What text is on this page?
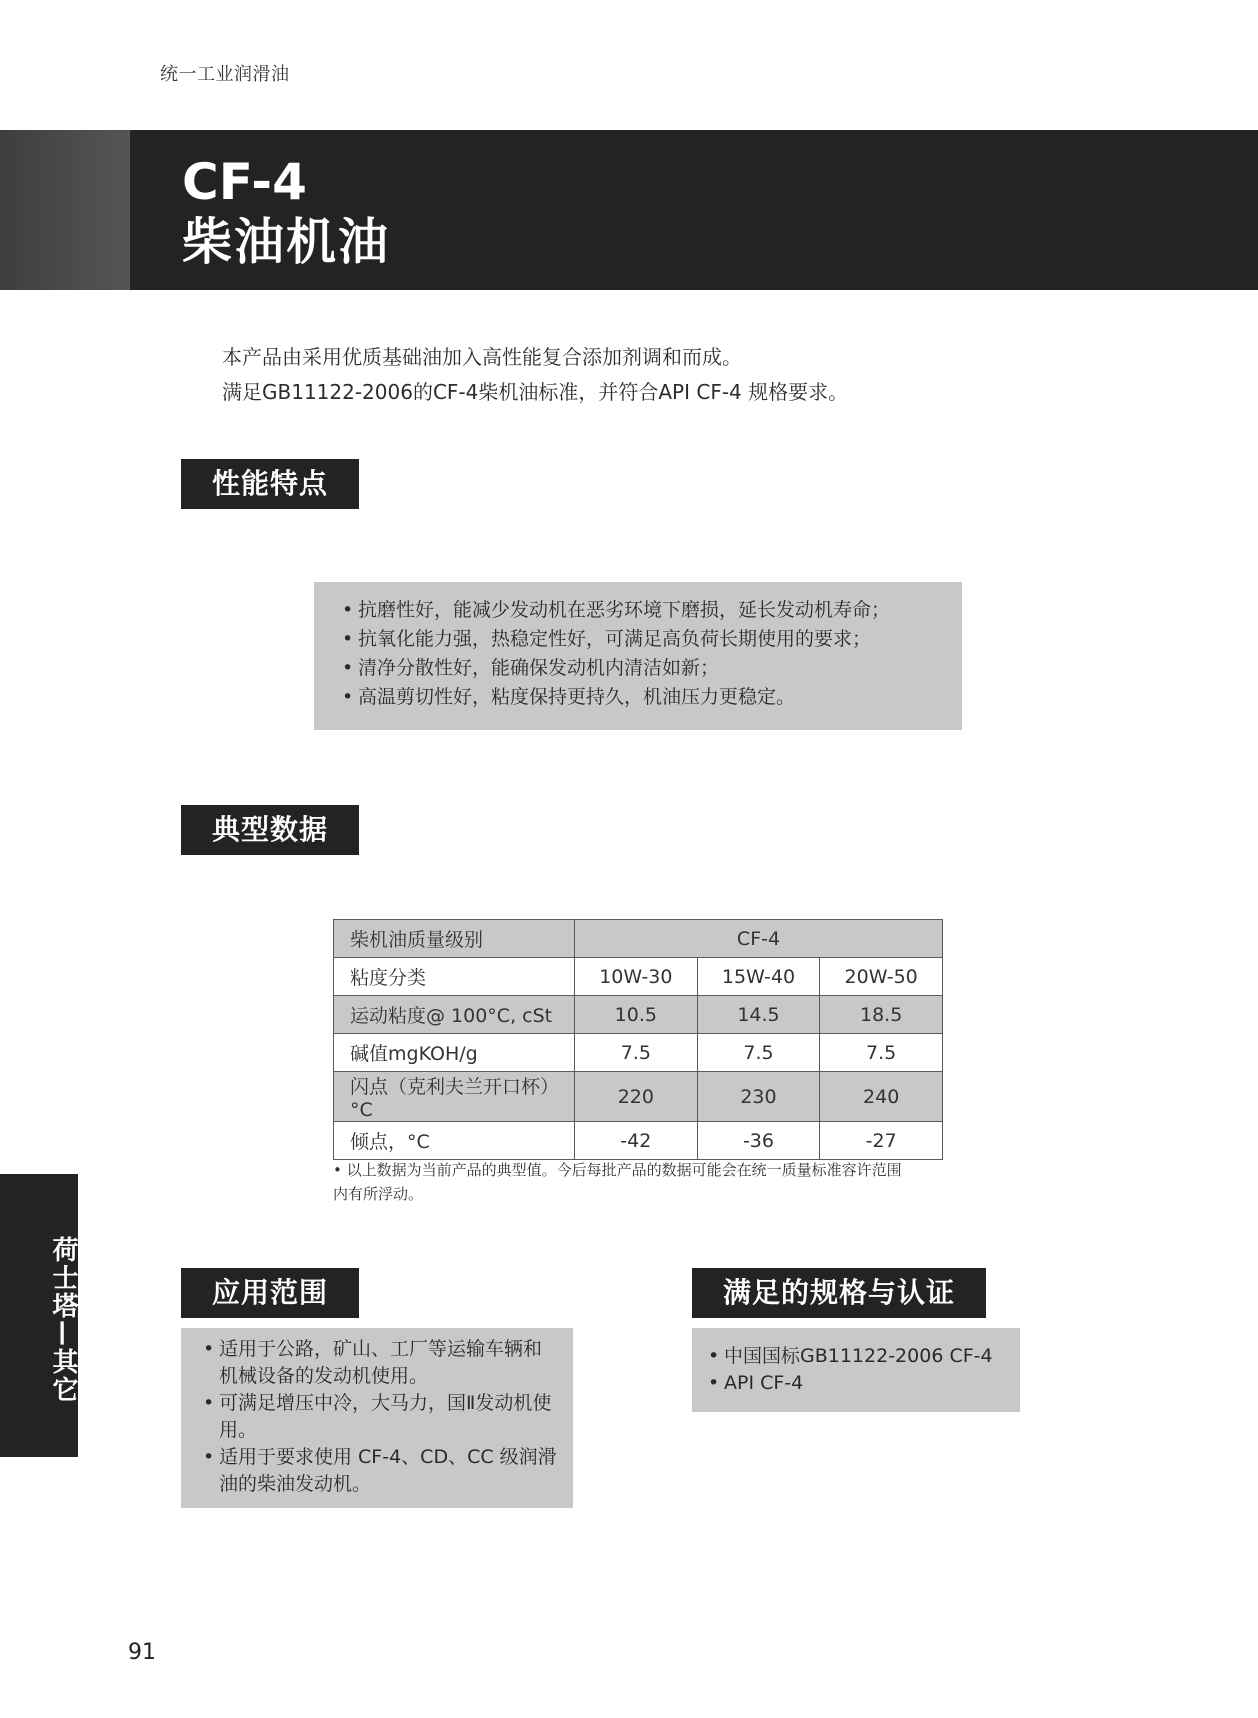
统一工业润滑油
CF-4
柴油机油
本产品由采用优质基础油加入高性能复合添加剂调和而成。
满足GB11122-2006的CF-4柴机油标准，并符合API CF-4 规格要求。
性能特点
• 抗磨性好，能减少发动机在恶劣环境下磨损，延长发动机寿命；
• 抗氧化能力强，热稳定性好，可满足高负荷长期使用的要求；
• 清净分散性好，能确保发动机内清洁如新；
• 高温剪切性好，粘度保持更持久，机油压力更稳定。
典型数据
柴机油质量级别	CF-4		
粘度分类	10W-30	15W-40	20W-50
运动粘度@ 100°C, cSt	10.5	14.5	18.5
碱值mgKOH/g	7.5	7.5	7.5
闪点（克利夫兰开口杯）°C	220	230	240
倾点，°C	-42	-36	-27
• 以上数据为当前产品的典型值。今后每批产品的数据可能会在统一质量标准容许范围
内有所浮动。
应用范围
• 适用于公路，矿山、工厂等运输车辆和机械设备的发动机使用。
• 可满足增压中冷，大马力，国Ⅱ发动机使用。
• 适用于要求使用 CF-4、CD、CC 级润滑油的柴油发动机。
满足的规格与认证
• 中国国标GB11122-2006 CF-4
• API CF-4
荷士塔—其它
91
